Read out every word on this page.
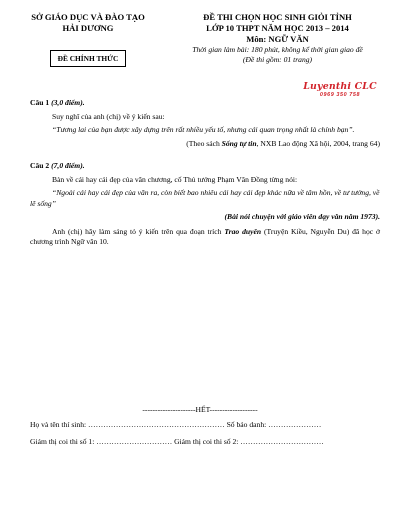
SỞ GIÁO DỤC VÀ ĐÀO TẠO
HẢI DƯƠNG
ĐỀ CHÍNH THỨC
ĐỀ THI CHỌN HỌC SINH GIỎI TỈNH
LỚP 10 THPT NĂM HỌC 2013 – 2014
Môn: NGỮ VĂN
Thời gian làm bài: 180 phút, không kể thời gian giao đề
(Đề thi gồm: 01 trang)
Luyenthi CLC
0969 350 758

Câu 1 (3,0 điểm).

Suy nghĩ của anh (chị) về ý kiến sau:

“Tương lai của bạn được xây dựng trên rất nhiều yếu tố, nhưng cái quan trọng nhất là chính bạn”.

(Theo sách Sống tự tin, NXB Lao động Xã hội, 2004, trang 64)

Câu 2 (7,0 điểm).

Bàn về cái hay cái đẹp của văn chương, cố Thủ tướng Phạm Văn Đồng từng nói:

“Ngoài cái hay cái đẹp của văn ra, còn biết bao nhiêu cái hay cái đẹp khác nữa về tâm hồn, về tư tưởng, về lẽ sống”

(Bài nói chuyện với giáo viên dạy văn năm 1973).

Anh (chị) hãy làm sáng tỏ ý kiến trên qua đoạn trích Trao duyên (Truyện Kiều, Nguyễn Du) đã học ở chương trình Ngữ văn 10.

---------------------HẾT-------------------
Họ và tên thí sinh: ……………………………………………… Số báo danh: …………………
Giám thị coi thi số 1: ………………………… Giám thị coi thi số 2: ……………………………
